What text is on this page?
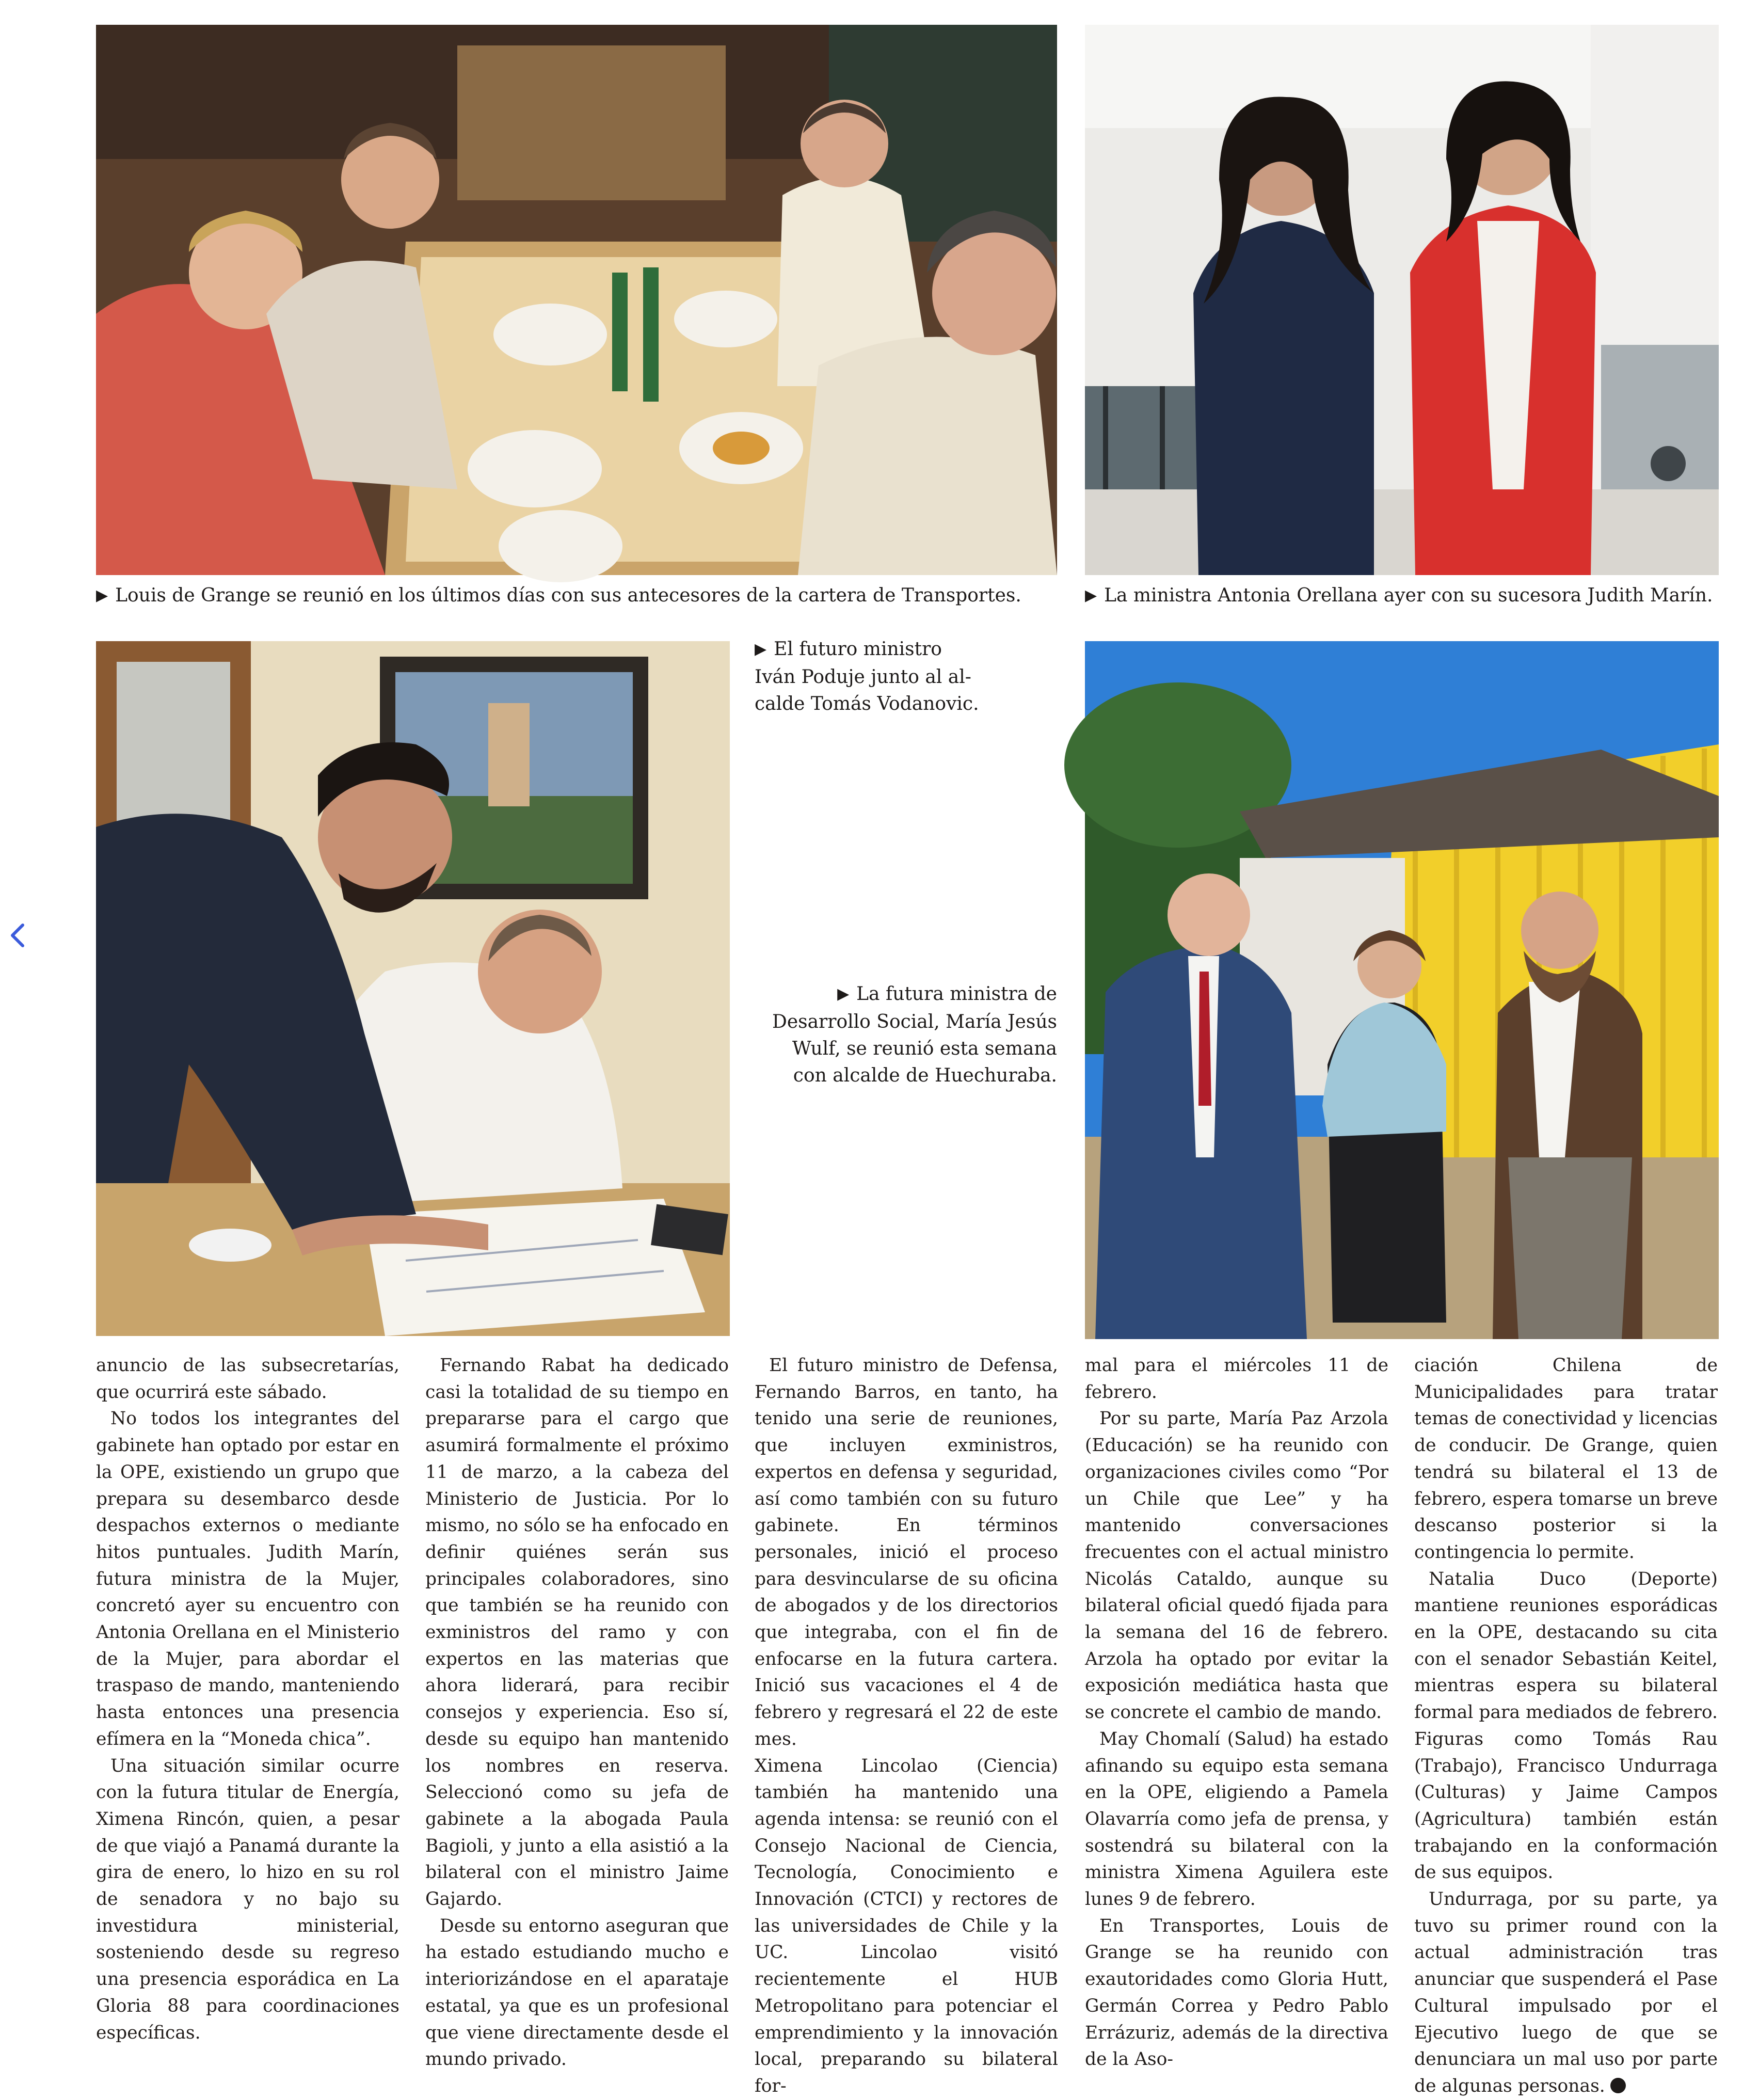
▶ Louis de Grange se reunió en los últimos días con sus antecesores de la cartera de Transportes.	▶ La ministra Antonia Orellana ayer con su sucesora Judith Marín.

▶ El futuro ministro
Iván Poduje junto al al-
calde Tomás Vodanovic.

▶ La futura ministra de
Desarrollo Social, María Jesús
Wulf, se reunió esta semana
con alcalde de Huechuraba.

anuncio de las subsecretarías, que ocurrirá este sábado.

No todos los integrantes del gabinete han optado por estar en la OPE, existiendo un grupo que prepara su desembarco desde despachos externos o mediante hitos puntuales. Judith Marín, futura ministra de la Mujer, concretó ayer su encuentro con Antonia Orellana en el Ministerio de la Mujer, para abordar el traspaso de mando, manteniendo hasta entonces una presencia efímera en la “Moneda chica”.

Una situación similar ocurre con la futura titular de Energía, Ximena Rincón, quien, a pesar de que viajó a Panamá durante la gira de enero, lo hizo en su rol de senadora y no bajo su investidura ministerial, sosteniendo desde su regreso una presencia esporádica en La Gloria 88 para coordinaciones específicas.

Fernando Rabat ha dedicado casi la totalidad de su tiempo en prepararse para el cargo que asumirá formalmente el próximo 11 de marzo, a la cabeza del Ministerio de Justicia. Por lo mismo, no sólo se ha enfocado en definir quiénes serán sus principales colaboradores, sino que también se ha reunido con exministros del ramo y con expertos en las materias que ahora liderará, para recibir consejos y experiencia. Eso sí, desde su equipo han mantenido los nombres en reserva. Seleccionó como su jefa de gabinete a la abogada Paula Bagioli, y junto a ella asistió a la bilateral con el ministro Jaime Gajardo.

Desde su entorno aseguran que ha estado estudiando mucho e interiorizándose en el aparataje estatal, ya que es un profesional que viene directamente desde el mundo privado.

El futuro ministro de Defensa, Fernando Barros, en tanto, ha tenido una serie de reuniones, que incluyen exministros, expertos en defensa y seguridad, así como también con su futuro gabinete. En términos personales, inició el proceso para desvincularse de su oficina de abogados y de los directorios que integraba, con el fin de enfocarse en la futura cartera. Inició sus vacaciones el 4 de febrero y regresará el 22 de este mes.

Ximena Lincolao (Ciencia) también ha mantenido una agenda intensa: se reunió con el Consejo Nacional de Ciencia, Tecnología, Conocimiento e Innovación (CTCI) y rectores de las universidades de Chile y la UC. Lincolao visitó recientemente el HUB Metropolitano para potenciar el emprendimiento y la innovación local, preparando su bilateral for-

mal para el miércoles 11 de febrero.

Por su parte, María Paz Arzola (Educación) se ha reunido con organizaciones civiles como “Por un Chile que Lee” y ha mantenido conversaciones frecuentes con el actual ministro Nicolás Cataldo, aunque su bilateral oficial quedó fijada para la semana del 16 de febrero. Arzola ha optado por evitar la exposición mediática hasta que se concrete el cambio de mando.

May Chomalí (Salud) ha estado afinando su equipo esta semana en la OPE, eligiendo a Pamela Olavarría como jefa de prensa, y sostendrá su bilateral con la ministra Ximena Aguilera este lunes 9 de febrero.

En Transportes, Louis de Grange se ha reunido con exautoridades como Gloria Hutt, Germán Correa y Pedro Pablo Errázuriz, además de la directiva de la Aso-

ciación Chilena de Municipalidades para tratar temas de conectividad y licencias de conducir. De Grange, quien tendrá su bilateral el 13 de febrero, espera tomarse un breve descanso posterior si la contingencia lo permite.

Natalia Duco (Deporte) mantiene reuniones esporádicas en la OPE, destacando su cita con el senador Sebastián Keitel, mientras espera su bilateral formal para mediados de febrero. Figuras como Tomás Rau (Trabajo), Francisco Undurraga (Culturas) y Jaime Campos (Agricultura) también están trabajando en la conformación de sus equipos.

Undurraga, por su parte, ya tuvo su primer round con la actual administración tras anunciar que suspenderá el Pase Cultural impulsado por el Ejecutivo luego de que se denunciara un mal uso por parte de algunas personas.
